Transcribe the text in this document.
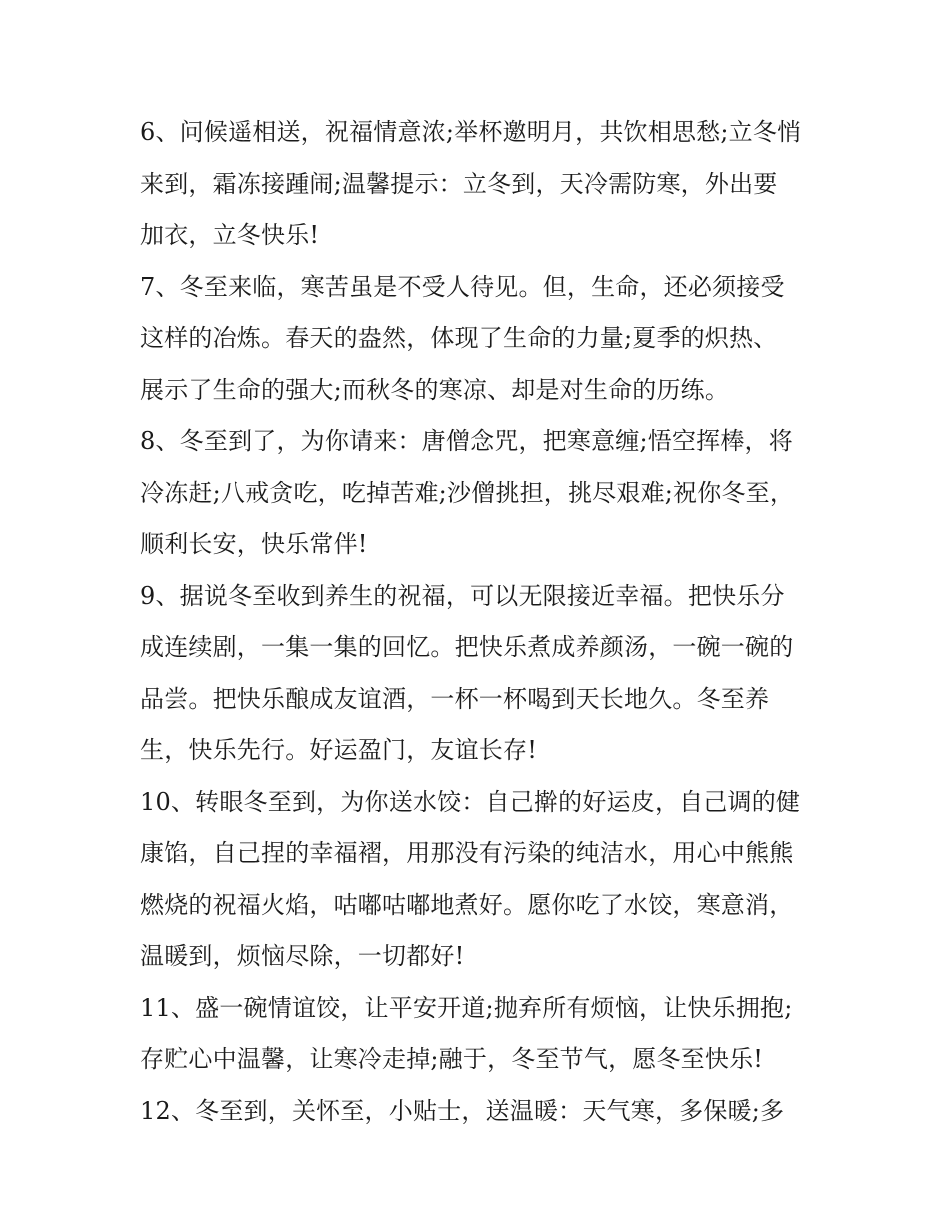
6、问候遥相送，祝福情意浓;举杯邀明月，共饮相思愁;立冬悄
来到，霜冻接踵闹;温馨提示：立冬到，天冷需防寒，外出要
加衣，立冬快乐!
7、冬至来临，寒苦虽是不受人待见。但，生命，还必须接受
这样的冶炼。春天的盎然，体现了生命的力量;夏季的炽热、
展示了生命的强大;而秋冬的寒凉、却是对生命的历练。
8、冬至到了，为你请来：唐僧念咒，把寒意缠;悟空挥棒，将
冷冻赶;八戒贪吃，吃掉苦难;沙僧挑担，挑尽艰难;祝你冬至，
顺利长安，快乐常伴!
9、据说冬至收到养生的祝福，可以无限接近幸福。把快乐分
成连续剧，一集一集的回忆。把快乐煮成养颜汤，一碗一碗的
品尝。把快乐酿成友谊酒，一杯一杯喝到天长地久。冬至养
生，快乐先行。好运盈门，友谊长存!
10、转眼冬至到，为你送水饺：自己擀的好运皮，自己调的健
康馅，自己捏的幸福褶，用那没有污染的纯洁水，用心中熊熊
燃烧的祝福火焰，咕嘟咕嘟地煮好。愿你吃了水饺，寒意消，
温暖到，烦恼尽除，一切都好!
11、盛一碗情谊饺，让平安开道;抛弃所有烦恼，让快乐拥抱;
存贮心中温馨，让寒冷走掉;融于，冬至节气，愿冬至快乐!
12、冬至到，关怀至，小贴士，送温暖：天气寒，多保暖;多
